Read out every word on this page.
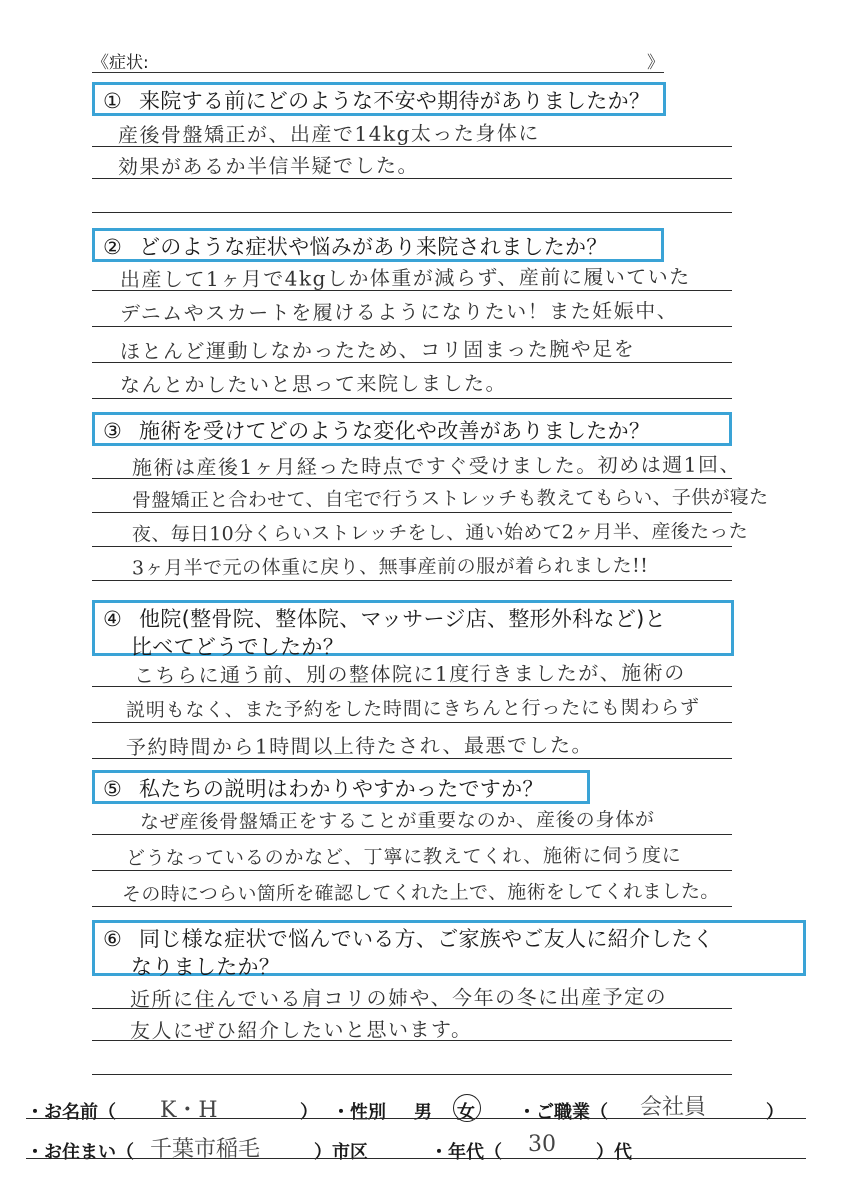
《症状:	》
① 来院する前にどのような不安や期待がありましたか？
産後骨盤矯正が、出産で14kg太った身体に
効果があるか半信半疑でした。
② どのような症状や悩みがあり来院されましたか？
出産して1ヶ月で4kgしか体重が減らず、産前に履いていた
デニムやスカートを履けるようになりたい！また妊娠中、
ほとんど運動しなかったため、コリ固まった腕や足を
なんとかしたいと思って来院しました。
③ 施術を受けてどのような変化や改善がありましたか？
施術は産後1ヶ月経った時点ですぐ受けました。初めは週1回、
骨盤矯正と合わせて、自宅で行うストレッチも教えてもらい、子供が寝た
夜、毎日10分くらいストレッチをし、通い始めて2ヶ月半、産後たった
3ヶ月半で元の体重に戻り、無事産前の服が着られました!!
④ 他院(整骨院、整体院、マッサージ店、整形外科など)と
比べてどうでしたか？
こちらに通う前、別の整体院に1度行きましたが、施術の
説明もなく、また予約をした時間にきちんと行ったにも関わらず
予約時間から1時間以上待たされ、最悪でした。
⑤ 私たちの説明はわかりやすかったですか？
なぜ産後骨盤矯正をすることが重要なのか、産後の身体が
どうなっているのかなど、丁寧に教えてくれ、施術に伺う度に
その時につらい箇所を確認してくれた上で、施術をしてくれました。
⑥ 同じ様な症状で悩んでいる方、ご家族やご友人に紹介したく
なりましたか？
近所に住んでいる肩コリの姉や、今年の冬に出産予定の
友人にぜひ紹介したいと思います。
・お名前（ K・H	） ・性別 男 女 ・ご職業（ 会社員	）
・お住まい（ 千葉市稲毛	）市区	・年代（ 30 ）代
